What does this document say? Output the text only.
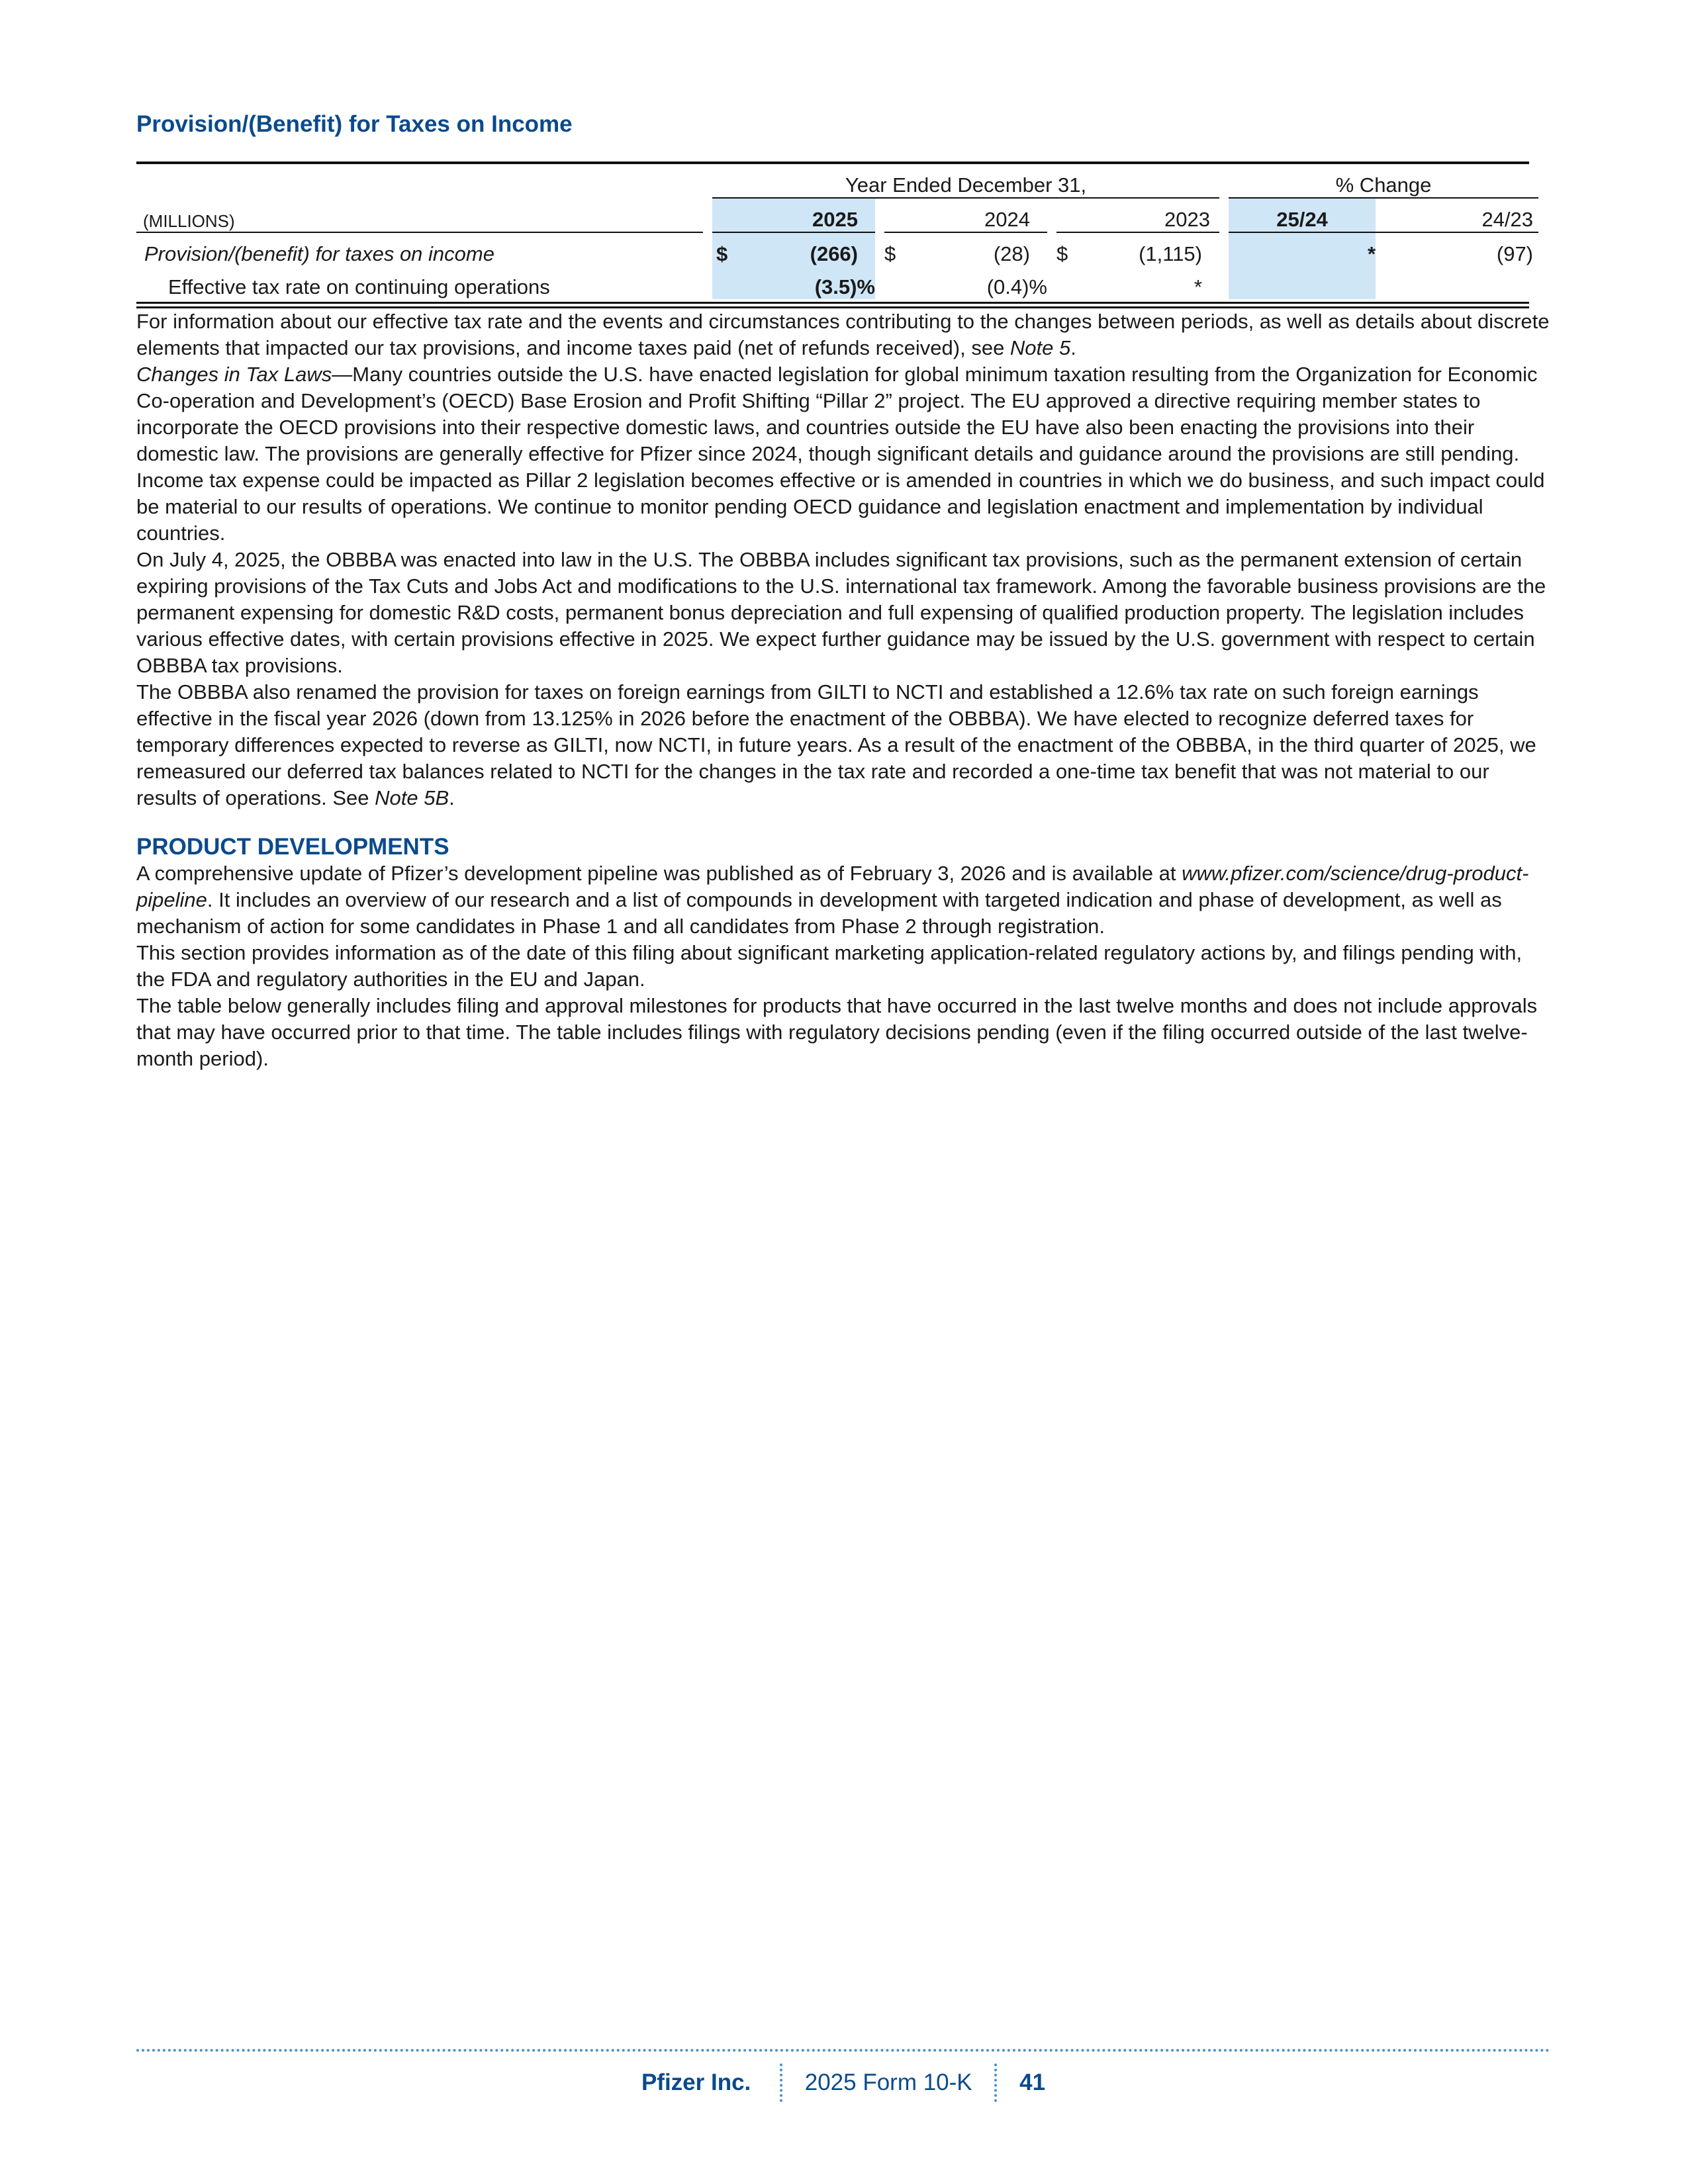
Provision/(Benefit) for Taxes on Income
		Year Ended December 31,												% Change	
(MILLIONS)		2025				2024				2023				25/24	24/23
Provision/(benefit) for taxes on income		$	(266)			$	(28)			$	(1,115)			*	(97)
Effective tax rate on continuing operations			(3.5)%				(0.4)%				*				

For information about our effective tax rate and the events and circumstances contributing to the changes between periods, as well as details about discrete elements that impacted our tax provisions, and income taxes paid (net of refunds received), see Note 5.

Changes in Tax Laws—Many countries outside the U.S. have enacted legislation for global minimum taxation resulting from the Organization for Economic Co-operation and Development’s (OECD) Base Erosion and Profit Shifting “Pillar 2” project. The EU approved a directive requiring member states to incorporate the OECD provisions into their respective domestic laws, and countries outside the EU have also been enacting the provisions into their domestic law. The provisions are generally effective for Pfizer since 2024, though significant details and guidance around the provisions are still pending. Income tax expense could be impacted as Pillar 2 legislation becomes effective or is amended in countries in which we do business, and such impact could be material to our results of operations. We continue to monitor pending OECD guidance and legislation enactment and implementation by individual countries.

On July 4, 2025, the OBBBA was enacted into law in the U.S. The OBBBA includes significant tax provisions, such as the permanent extension of certain expiring provisions of the Tax Cuts and Jobs Act and modifications to the U.S. international tax framework. Among the favorable business provisions are the permanent expensing for domestic R&D costs, permanent bonus depreciation and full expensing of qualified production property. The legislation includes various effective dates, with certain provisions effective in 2025. We expect further guidance may be issued by the U.S. government with respect to certain OBBBA tax provisions.

The OBBBA also renamed the provision for taxes on foreign earnings from GILTI to NCTI and established a 12.6% tax rate on such foreign earnings effective in the fiscal year 2026 (down from 13.125% in 2026 before the enactment of the OBBBA). We have elected to recognize deferred taxes for temporary differences expected to reverse as GILTI, now NCTI, in future years. As a result of the enactment of the OBBBA, in the third quarter of 2025, we remeasured our deferred tax balances related to NCTI for the changes in the tax rate and recorded a one-time tax benefit that was not material to our results of operations. See Note 5B.

PRODUCT DEVELOPMENTS

A comprehensive update of Pfizer’s development pipeline was published as of February 3, 2026 and is available at www.pfizer.com/science/drug-product-pipeline. It includes an overview of our research and a list of compounds in development with targeted indication and phase of development, as well as mechanism of action for some candidates in Phase 1 and all candidates from Phase 2 through registration.

This section provides information as of the date of this filing about significant marketing application-related regulatory actions by, and filings pending with, the FDA and regulatory authorities in the EU and Japan.

The table below generally includes filing and approval milestones for products that have occurred in the last twelve months and does not include approvals that may have occurred prior to that time. The table includes filings with regulatory decisions pending (even if the filing occurred outside of the last twelve-month period).

Pfizer Inc. 2025 Form 10-K 41
